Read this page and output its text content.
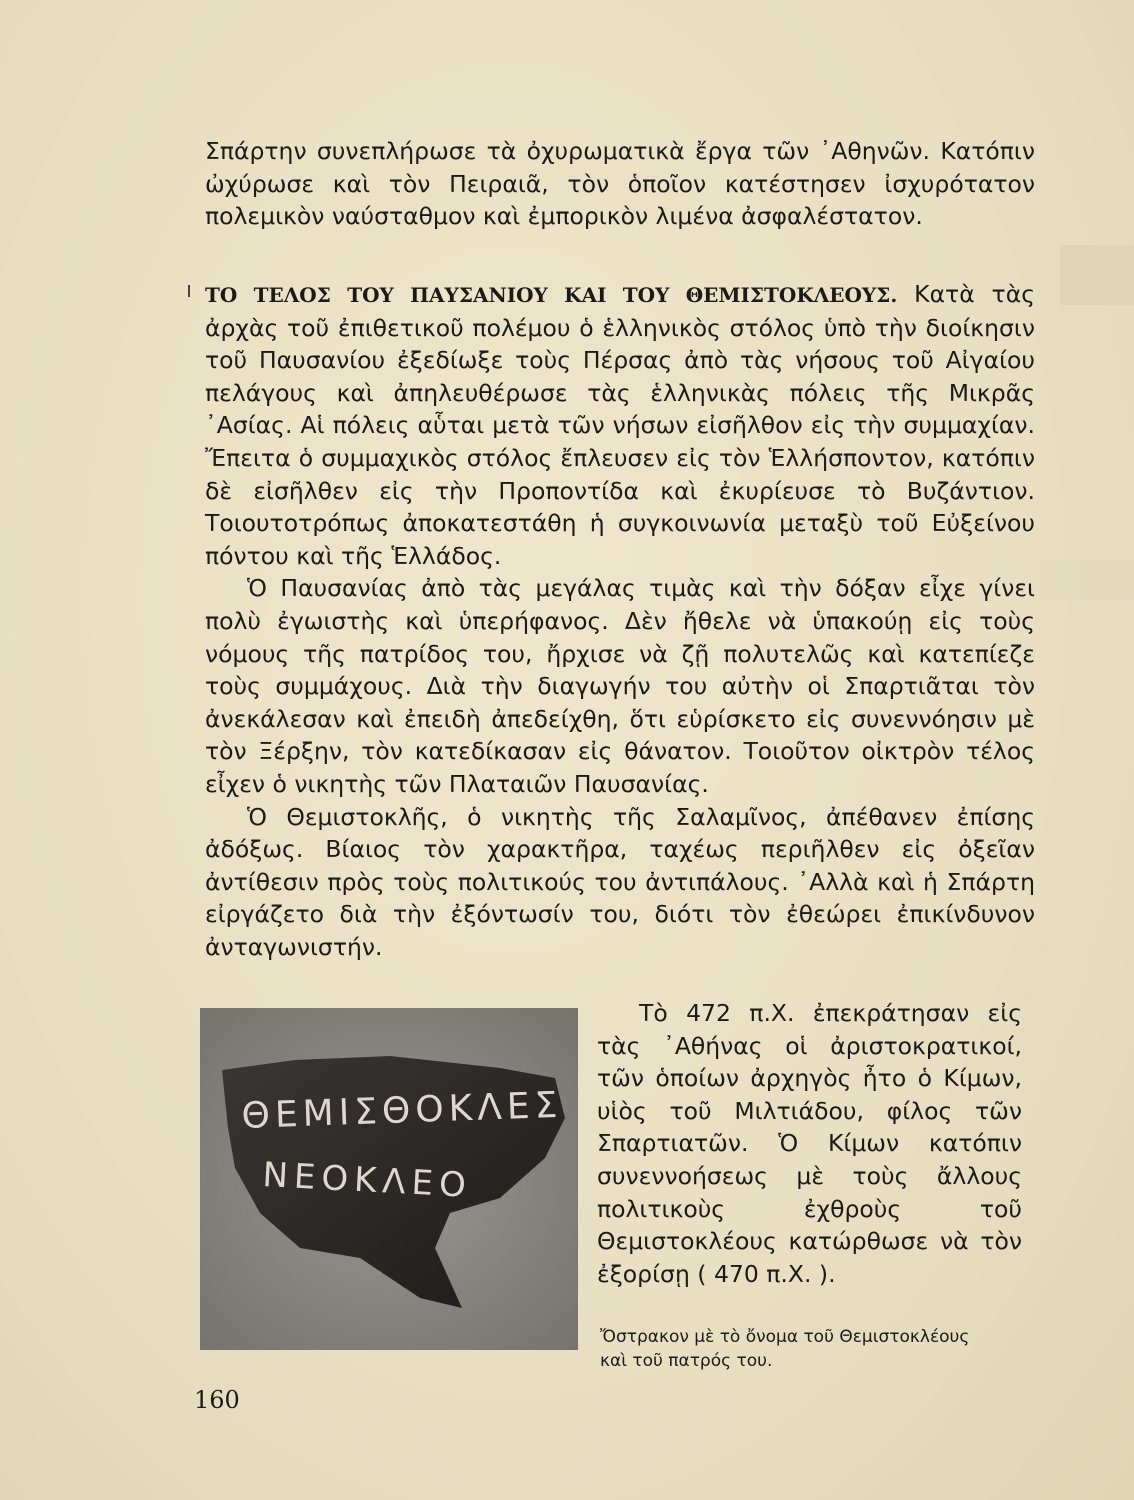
Σπάρτην συνεπλήρωσε τὰ ὀχυρωματικὰ ἔργα τῶν ᾿Αθηνῶν. Κατόπιν ὠχύρωσε καὶ τὸν Πειραιᾶ, τὸν ὁποῖον κατέστησεν ἰσχυρότατον πολεμικὸν ναύσταθμον καὶ ἐμπορικὸν λιμένα ἀσφαλέστατον.

ΤΟ ΤΕΛΟΣ ΤΟΥ ΠΑΥΣΑΝΙΟΥ ΚΑΙ ΤΟΥ ΘΕΜΙΣΤΟΚΛΕΟΥΣ. Κατὰ τὰς ἀρχὰς τοῦ ἐπιθετικοῦ πολέμου ὁ ἑλληνικὸς στόλος ὑπὸ τὴν διοίκησιν τοῦ Παυσανίου ἐξεδίωξε τοὺς Πέρσας ἀπὸ τὰς νήσους τοῦ Αἰγαίου πελάγους καὶ ἀπηλευθέρωσε τὰς ἑλληνικὰς πόλεις τῆς Μικρᾶς ᾿Ασίας. Αἱ πόλεις αὗται μετὰ τῶν νήσων εἰσῆλθον εἰς τὴν συμμαχίαν. Ἔπειτα ὁ συμμαχικὸς στόλος ἔπλευσεν εἰς τὸν Ἑλλήσποντον, κατόπιν δὲ εἰσῆλθεν εἰς τὴν Προποντίδα καὶ ἐκυρίευσε τὸ Βυζάντιον. Τοιουτοτρόπως ἀποκατεστάθη ἡ συγκοινωνία μεταξὺ τοῦ Εὐξείνου πόντου καὶ τῆς Ἑλλάδος.

Ὁ Παυσανίας ἀπὸ τὰς μεγάλας τιμὰς καὶ τὴν δόξαν εἶχε γίνει πολὺ ἐγωιστὴς καὶ ὑπερήφανος. Δὲν ἤθελε νὰ ὑπακούῃ εἰς τοὺς νόμους τῆς πατρίδος του, ἤρχισε νὰ ζῇ πολυτελῶς καὶ κατεπίεζε τοὺς συμμάχους. Διὰ τὴν διαγωγήν του αὐτὴν οἱ Σπαρτιᾶται τὸν ἀνεκάλεσαν καὶ ἐπειδὴ ἀπεδείχθη, ὅτι εὑρίσκετο εἰς συνεννόησιν μὲ τὸν Ξέρξην, τὸν κατεδίκασαν εἰς θάνατον. Τοιοῦτον οἰκτρὸν τέλος εἶχεν ὁ νικητὴς τῶν Πλαταιῶν Παυσανίας.

Ὁ Θεμιστοκλῆς, ὁ νικητὴς τῆς Σαλαμῖνος, ἀπέθανεν ἐπίσης ἀδόξως. Βίαιος τὸν χαρακτῆρα, ταχέως περιῆλθεν εἰς ὀξεῖαν ἀντίθεσιν πρὸς τοὺς πολιτικούς του ἀντιπάλους. ᾿Αλλὰ καὶ ἡ Σπάρτη εἰργάζετο διὰ τὴν ἐξόντωσίν του, διότι τὸν ἐθεώρει ἐπικίνδυνον ἀνταγωνιστήν.

ΘΕΜΙΣΘΟΚΛΕΣ
ΝΕΟΚΛΕΟ

Τὸ 472 π.Χ. ἐπεκράτησαν εἰς τὰς ᾿Αθήνας οἱ ἀριστοκρατικοί, τῶν ὁποίων ἀρχηγὸς ἦτο ὁ Κίμων, υἱὸς τοῦ Μιλτιάδου, φίλος τῶν Σπαρτιατῶν. Ὁ Κίμων κατόπιν συνεννοήσεως μὲ τοὺς ἄλλους πολιτικοὺς ἐχθροὺς τοῦ Θεμιστοκλέους κατώρθωσε νὰ τὸν ἐξορίσῃ ( 470 π.Χ. ).

Ὄστρακον μὲ τὸ ὄνομα τοῦ Θεμιστοκλέους
καὶ τοῦ πατρός του.
160
